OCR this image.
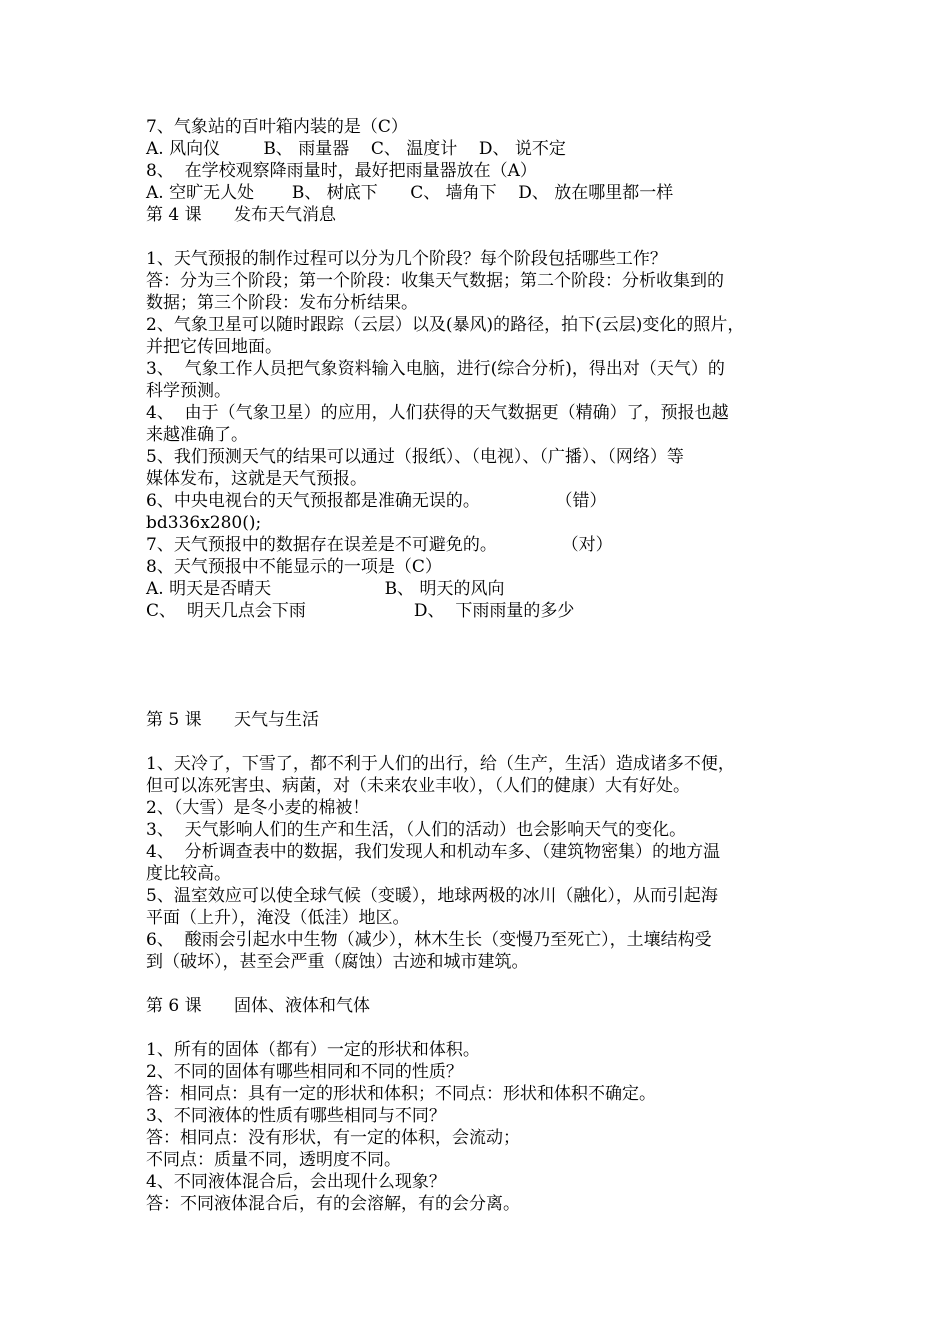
7、气象站的百叶箱内装的是（C）
A. 风向仪        B、 雨量器    C、 温度计    D、 说不定
8、  在学校观察降雨量时，最好把雨量器放在（A）
A. 空旷无人处       B、 树底下      C、 墙角下    D、 放在哪里都一样
第 4 课      发布天气消息
1、天气预报的制作过程可以分为几个阶段？每个阶段包括哪些工作？
答：分为三个阶段；第一个阶段：收集天气数据；第二个阶段：分析收集到的
数据；第三个阶段：发布分析结果。
2、气象卫星可以随时跟踪（云层）以及(暴风)的路径，拍下(云层)变化的照片，
并把它传回地面。
3、  气象工作人员把气象资料输入电脑，进行(综合分析)，得出对（天气）的
科学预测。
4、  由于（气象卫星）的应用，人们获得的天气数据更（精确）了，预报也越
来越准确了。
5、我们预测天气的结果可以通过（报纸）、（电视）、（广播）、（网络）等
媒体发布，这就是天气预报。
6、中央电视台的天气预报都是准确无误的。              （错）
bd336x280();
7、天气预报中的数据存在误差是不可避免的。            （对）
8、天气预报中不能显示的一项是（C）
A. 明天是否晴天                     B、 明天的风向
C、  明天几点会下雨                    D、  下雨雨量的多少
第 5 课      天气与生活
1、天冷了，下雪了，都不利于人们的出行，给（生产，生活）造成诸多不便，
但可以冻死害虫、病菌，对（未来农业丰收），（人们的健康）大有好处。
2、（大雪）是冬小麦的棉被！
3、  天气影响人们的生产和生活，（人们的活动）也会影响天气的变化。
4、  分析调查表中的数据，我们发现人和机动车多、（建筑物密集）的地方温
度比较高。
5、温室效应可以使全球气候（变暖），地球两极的冰川（融化），从而引起海
平面（上升），淹没（低洼）地区。
6、  酸雨会引起水中生物（减少），林木生长（变慢乃至死亡），土壤结构受
到（破坏），甚至会严重（腐蚀）古迹和城市建筑。
第 6 课      固体、液体和气体
1、所有的固体（都有）一定的形状和体积。
2、不同的固体有哪些相同和不同的性质？
答：相同点：具有一定的形状和体积；不同点：形状和体积不确定。
3、不同液体的性质有哪些相同与不同？
答：相同点：没有形状，有一定的体积，会流动；
不同点：质量不同，透明度不同。
4、不同液体混合后，会出现什么现象？
答：不同液体混合后，有的会溶解，有的会分离。
